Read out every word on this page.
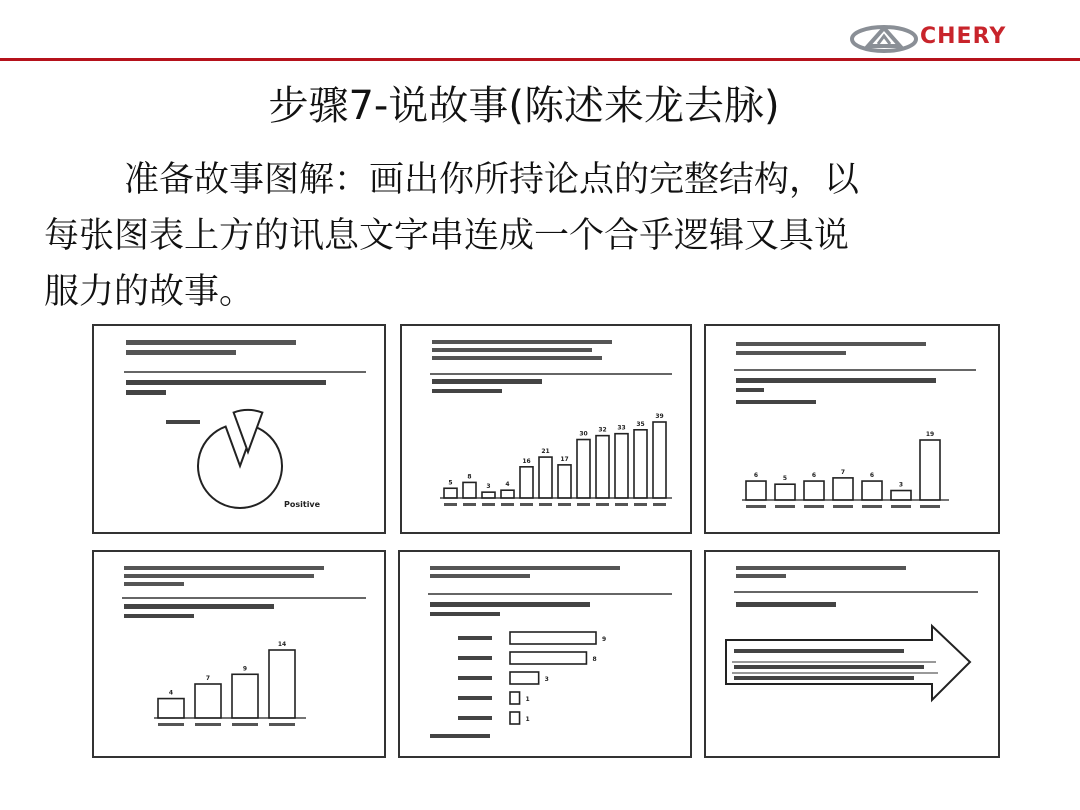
CHERY
步骤7-说故事(陈述来龙去脉)
准备故事图解：画出你所持论点的完整结构，以
每张图表上方的讯息文字串连成一个合乎逻辑又具说
服力的故事。
Positive
5
8
3 4
16
21
17
30
32 33
35
39
6	5	6	7	6
3
19
4
7
9
14
9
8
3
1
1
